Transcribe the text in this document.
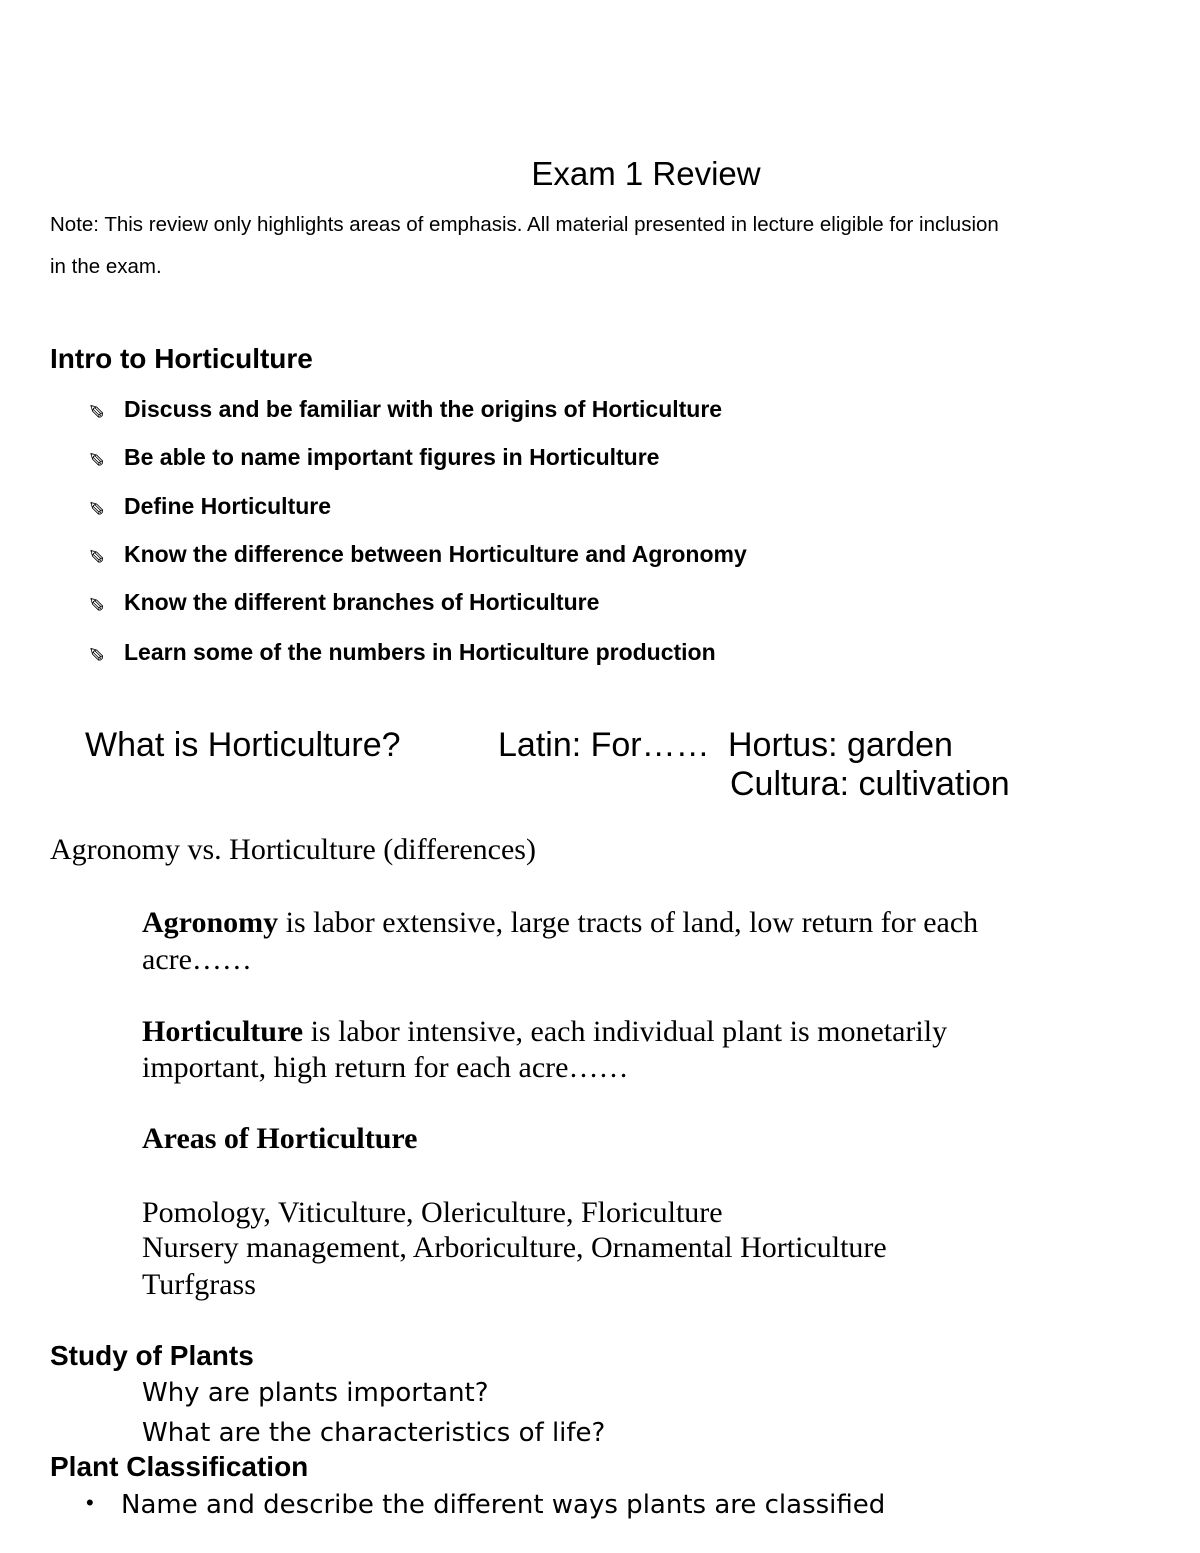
Exam 1 Review
Note: This review only highlights areas of emphasis. All material presented in lecture eligible for inclusion
in the exam.
Intro to Horticulture
✐ Discuss and be familiar with the origins of Horticulture
✐ Be able to name important figures in Horticulture
✐ Define Horticulture
✐ Know the difference between Horticulture and Agronomy
✐ Know the different branches of Horticulture
✐ Learn some of the numbers in Horticulture production
What is Horticulture?	Latin: For…… Hortus: garden
Cultura: cultivation
Agronomy vs. Horticulture (differences)
Agronomy is labor extensive, large tracts of land, low return for each
acre……
Horticulture is labor intensive, each individual plant is monetarily
important, high return for each acre……
Areas of Horticulture
Pomology, Viticulture, Olericulture, Floriculture
Nursery management, Arboriculture, Ornamental Horticulture
Turfgrass
Study of Plants
Why are plants important?
What are the characteristics of life?
Plant Classification
• Name and describe the different ways plants are classified
